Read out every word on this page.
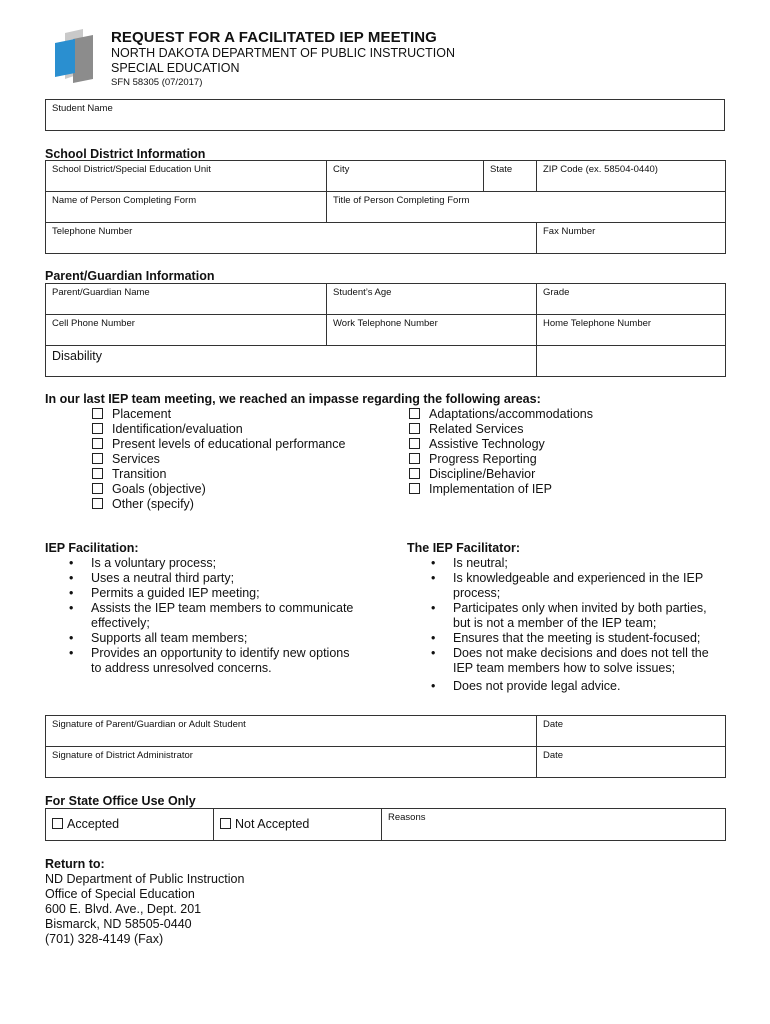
REQUEST FOR A FACILITATED IEP MEETING
NORTH DAKOTA DEPARTMENT OF PUBLIC INSTRUCTION
SPECIAL EDUCATION
SFN 58305 (07/2017)
Student Name
School District Information
School District/Special Education Unit	City	State	ZIP Code (ex. 58504-0440)
Name of Person Completing Form	Title of Person Completing Form		
Telephone Number			Fax Number
Parent/Guardian Information
Parent/Guardian Name	Student’s Age	Grade
Cell Phone Number	Work Telephone Number	Home Telephone Number
Disability		
In our last IEP team meeting, we reached an impasse regarding the following areas:
Placement
Identification/evaluation
Present levels of educational performance
Services
Transition
Goals (objective)
Other (specify)
Adaptations/accommodations
Related Services
Assistive Technology
Progress Reporting
Discipline/Behavior
Implementation of IEP
IEP Facilitation:
• Is a voluntary process;
• Uses a neutral third party;
• Permits a guided IEP meeting;
• Assists the IEP team members to communicate effectively;
• Supports all team members;
• Provides an opportunity to identify new options to address unresolved concerns.
The IEP Facilitator:
• Is neutral;
• Is knowledgeable and experienced in the IEP process;
• Participates only when invited by both parties, but is not a member of the IEP team;
• Ensures that the meeting is student-focused;
• Does not make decisions and does not tell the IEP team members how to solve issues;
• Does not provide legal advice.
Signature of Parent/Guardian or Adult Student	Date
Signature of District Administrator	Date
For State Office Use Only
Accepted	Not Accepted	Reasons
Return to:
ND Department of Public Instruction
Office of Special Education
600 E. Blvd. Ave., Dept. 201
Bismarck, ND 58505-0440
(701) 328-4149 (Fax)
